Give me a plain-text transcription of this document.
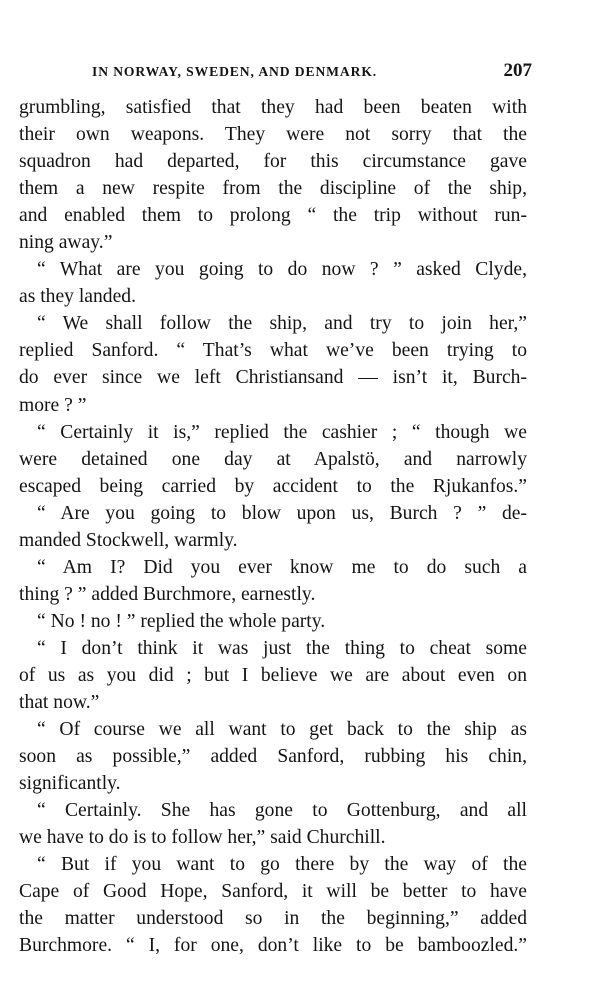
IN NORWAY, SWEDEN, AND DENMARK.	207
grumbling, satisfied that they had been beaten with
their own weapons. They were not sorry that the
squadron had departed, for this circumstance gave
them a new respite from the discipline of the ship,
and enabled them to prolong “ the trip without run-
ning away.”
“ What are you going to do now ? ” asked Clyde,
as they landed.
“ We shall follow the ship, and try to join her,”
replied Sanford. “ That’s what we’ve been trying to
do ever since we left Christiansand — isn’t it, Burch-
more ? ”
“ Certainly it is,” replied the cashier ; “ though we
were detained one day at Apalstö, and narrowly
escaped being carried by accident to the Rjukanfos.”
“ Are you going to blow upon us, Burch ? ” de-
manded Stockwell, warmly.
“ Am I? Did you ever know me to do such a
thing ? ” added Burchmore, earnestly.
“ No ! no ! ” replied the whole party.
“ I don’t think it was just the thing to cheat some
of us as you did ; but I believe we are about even on
that now.”
“ Of course we all want to get back to the ship as
soon as possible,” added Sanford, rubbing his chin,
significantly.
“ Certainly. She has gone to Gottenburg, and all
we have to do is to follow her,” said Churchill.
“ But if you want to go there by the way of the
Cape of Good Hope, Sanford, it will be better to have
the matter understood so in the beginning,” added
Burchmore. “ I, for one, don’t like to be bamboozled.”
